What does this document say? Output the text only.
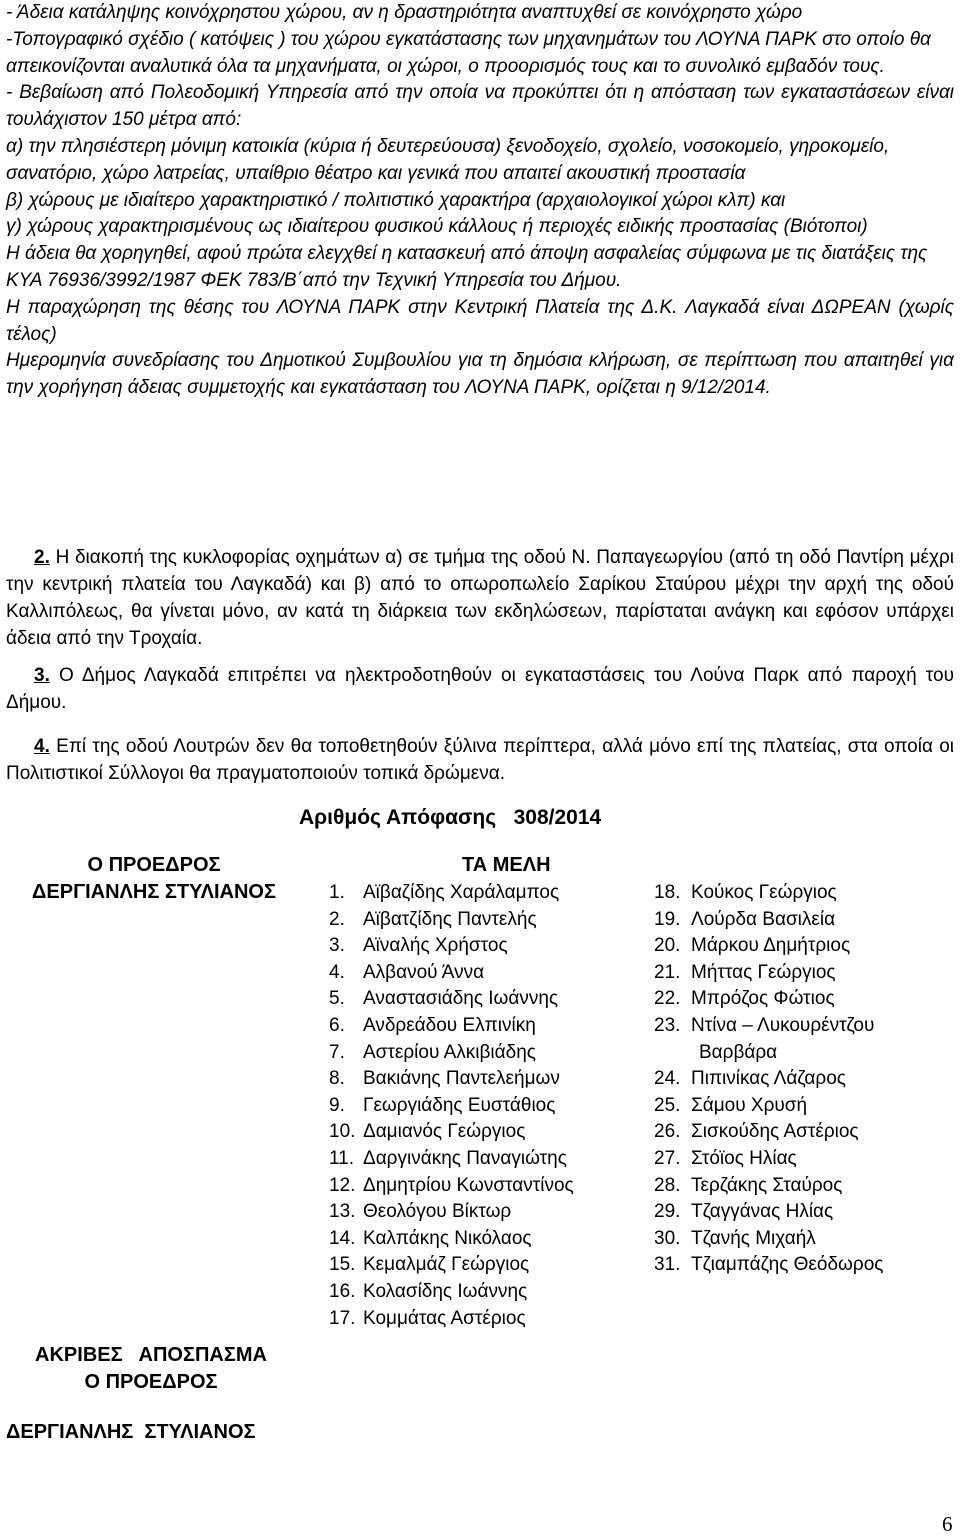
- Άδεια κατάληψης κοινόχρηστου χώρου, αν η δραστηριότητα αναπτυχθεί σε κοινόχρηστο χώρο

-Τοπογραφικό σχέδιο ( κατόψεις ) του χώρου εγκατάστασης των μηχανημάτων του ΛΟΥΝΑ ΠΑΡΚ στο οποίο θα απεικονίζονται αναλυτικά όλα τα μηχανήματα, οι χώροι, ο προορισμός τους και το συνολικό εμβαδόν τους.

- Βεβαίωση από Πολεοδομική Υπηρεσία από την οποία να προκύπτει ότι η απόσταση των εγκαταστάσεων είναι τουλάχιστον 150 μέτρα από:

α) την πλησιέστερη μόνιμη κατοικία (κύρια ή δευτερεύουσα) ξενοδοχείο, σχολείο, νοσοκομείο, γηροκομείο, σανατόριο, χώρο λατρείας, υπαίθριο θέατρο και γενικά που απαιτεί ακουστική προστασία

β) χώρους με ιδιαίτερο χαρακτηριστικό / πολιτιστικό χαρακτήρα (αρχαιολογικοί χώροι κλπ) και

γ) χώρους χαρακτηρισμένους ως ιδιαίτερου φυσικού κάλλους ή περιοχές ειδικής προστασίας (Βιότοποι)

Η άδεια θα χορηγηθεί, αφού πρώτα ελεγχθεί η κατασκευή από άποψη ασφαλείας σύμφωνα με τις διατάξεις της ΚΥΑ 76936/3992/1987 ΦΕΚ 783/Β΄από την Τεχνική Υπηρεσία του Δήμου.

Η παραχώρηση της θέσης του ΛΟΥΝΑ ΠΑΡΚ στην Κεντρική Πλατεία της Δ.Κ. Λαγκαδά είναι ΔΩΡΕΑΝ (χωρίς τέλος)

Ημερομηνία συνεδρίασης του Δημοτικού Συμβουλίου για τη δημόσια κλήρωση, σε περίπτωση που απαιτηθεί για την χορήγηση άδειας συμμετοχής και εγκατάσταση του ΛΟΥΝΑ ΠΑΡΚ, ορίζεται η 9/12/2014.

2. Η διακοπή της κυκλοφορίας οχημάτων α) σε τμήμα της οδού Ν. Παπαγεωργίου (από τη οδό Παντίρη μέχρι την κεντρική πλατεία του Λαγκαδά) και β) από το οπωροπωλείο Σαρίκου Σταύρου μέχρι την αρχή της οδού Καλλιπόλεως, θα γίνεται μόνο, αν κατά τη διάρκεια των εκδηλώσεων, παρίσταται ανάγκη και εφόσον υπάρχει άδεια από την Τροχαία.

3. Ο Δήμος Λαγκαδά επιτρέπει να ηλεκτροδοτηθούν οι εγκαταστάσεις του Λούνα Παρκ από παροχή του Δήμου.

4. Επί της οδού Λουτρών δεν θα τοποθετηθούν ξύλινα περίπτερα, αλλά μόνο επί της πλατείας, στα οποία οι Πολιτιστικοί Σύλλογοι θα πραγματοποιούν τοπικά δρώμενα.

Αριθμός Απόφασης   308/2014
Ο ΠΡΟΕΔΡΟΣ
ΔΕΡΓΙΑΝΛΗΣ ΣΤΥΛΙΑΝΟΣ
ΤΑ ΜΕΛΗ
1. Αϊβαζίδης Χαράλαμπος
2. Αϊβατζίδης Παντελής
3. Αϊναλής Χρήστος
4. Αλβανού Άννα
5. Αναστασιάδης Ιωάννης
6. Ανδρεάδου Ελπινίκη
7. Αστερίου Αλκιβιάδης
8. Βακιάνης Παντελεήμων
9. Γεωργιάδης Ευστάθιος
10. Δαμιανός Γεώργιος
11. Δαργινάκης Παναγιώτης
12. Δημητρίου Κωνσταντίνος
13. Θεολόγου Βίκτωρ
14. Καλπάκης Νικόλαος
15. Κεμαλμάζ Γεώργιος
16. Κολασίδης Ιωάννης
17. Κομμάτας Αστέριος
18. Κούκος Γεώργιος
19. Λούρδα Βασιλεία
20. Μάρκου Δημήτριος
21. Μήττας Γεώργιος
22. Μπρόζος Φώτιος
23. Ντίνα – Λυκουρέντζου
Βαρβάρα
24. Πιπινίκας Λάζαρος
25. Σάμου Χρυσή
26. Σισκούδης Αστέριος
27. Στόϊος Ηλίας
28. Τερζάκης Σταύρος
29. Τζαγγάνας Ηλίας
30. Τζανής Μιχαήλ
31. Τζιαμπάζης Θεόδωρος
ΑΚΡΙΒΕΣ   ΑΠΟΣΠΑΣΜΑ
Ο ΠΡΟΕΔΡΟΣ
ΔΕΡΓΙΑΝΛΗΣ  ΣΤΥΛΙΑΝΟΣ
6
